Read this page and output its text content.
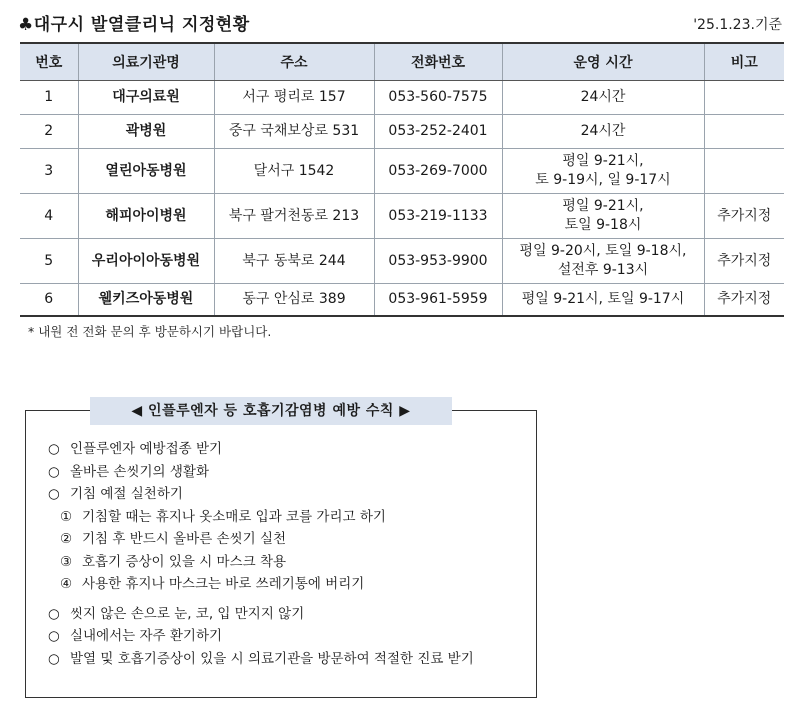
♣대구시 발열클리닉 지정현황	'25.1.23.기준
번호	의료기관명	주소	전화번호	운영 시간	비고
1	대구의료원	서구 평리로 157	053-560-7575	24시간	

2	곽병원	중구 국채보상로 531	053-252-2401	24시간	

3	열린아동병원	달서구 1542	053-269-7000	평일 9-21시,
토 9-19시, 일 9-17시	

4	해피아이병원	북구 팔거천동로 213	053-219-1133	평일 9-21시,
토일 9-18시	추가지정
5	우리아이아동병원	북구 동북로 244	053-953-9900	평일 9-20시, 토일 9-18시,
설전후 9-13시	추가지정
6	웰키즈아동병원	동구 안심로 389	053-961-5959	평일 9-21시, 토일 9-17시	추가지정
* 내원 전 전화 문의 후 방문하시기 바랍니다.
◀ 인플루엔자 등 호흡기감염병 예방 수칙 ▶
○ 인플루엔자 예방접종 받기
○ 올바른 손씻기의 생활화
○ 기침 예절 실천하기
① 기침할 때는 휴지나 옷소매로 입과 코를 가리고 하기
② 기침 후 반드시 올바른 손씻기 실천
③ 호흡기 증상이 있을 시 마스크 착용
④ 사용한 휴지나 마스크는 바로 쓰레기통에 버리기
○ 씻지 않은 손으로 눈, 코, 입 만지지 않기
○ 실내에서는 자주 환기하기
○ 발열 및 호흡기증상이 있을 시 의료기관을 방문하여 적절한 진료 받기
